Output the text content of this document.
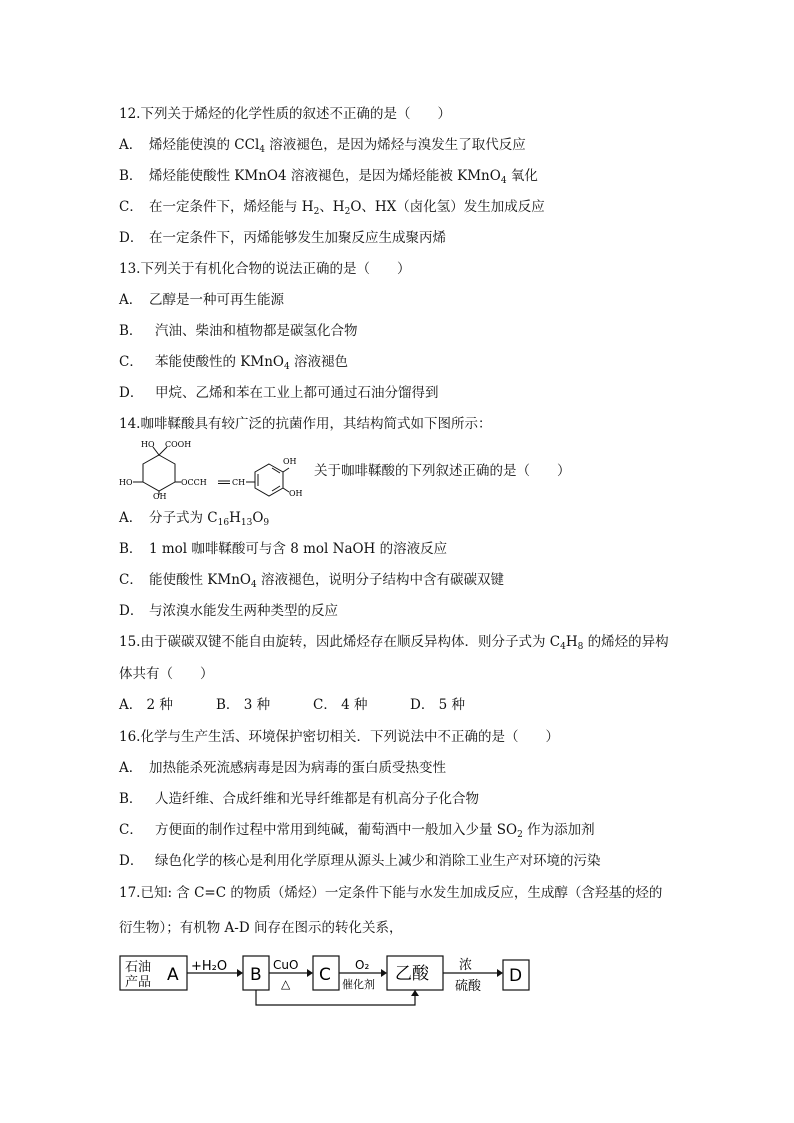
12.下列关于烯烃的化学性质的叙述不正确的是（　　）
A． 烯烃能使溴的 CCl$_4$ 溶液褪色，是因为烯烃与溴发生了取代反应
B． 烯烃能使酸性 KMnO4 溶液褪色，是因为烯烃能被 KMnO$_4$ 氧化
C． 在一定条件下，烯烃能与 $H_2$、$H_2O$、HX（卤化氢）发生加成反应
D． 在一定条件下，丙烯能够发生加聚反应生成聚丙烯
13.下列关于有机化合物的说法正确的是（　　）
A． 乙醇是一种可再生能源
B． 汽油、柴油和植物都是碳氢化合物
C． 苯能使酸性的 KMnO$_4$ 溶液褪色
D． 甲烷、乙烯和苯在工业上都可通过石油分馏得到
14.咖啡鞣酸具有较广泛的抗菌作用，其结构简式如下图所示：
HO COOH
HO
OH
OCCH	CH
OH
OH
关于咖啡鞣酸的下列叙述正确的是（　　）
A． 分子式为 $C_{16}H_{13}O_9$
B． 1 mol 咖啡鞣酸可与含 8 mol NaOH 的溶液反应
C． 能使酸性 KMnO$_4$ 溶液褪色，说明分子结构中含有碳碳双键
D． 与浓溴水能发生两种类型的反应
15.由于碳碳双键不能自由旋转，因此烯烃存在顺反异构体．则分子式为 $C_4H_8$ 的烯烃的异构
体共有（　　）
A． 2 种	B． 3 种	C． 4 种	D． 5 种
16.化学与生产生活、环境保护密切相关．下列说法中不正确的是（　　）
A． 加热能杀死流感病毒是因为病毒的蛋白质受热变性
B． 人造纤维、合成纤维和光导纤维都是有机高分子化合物
C． 方便面的制作过程中常用到纯碱，葡萄酒中一般加入少量 $SO_2$ 作为添加剂
D． 绿色化学的核心是利用化学原理从源头上减少和消除工业生产对环境的污染
17.已知: 含 C=C 的物质（烯烃）一定条件下能与水发生加成反应，生成醇（含羟基的烃的
衍生物）；有机物 A-D 间存在图示的转化关系，
石油
产品 A +H₂O B CuO
△ C O₂
催化剂
乙酸 浓
硫酸
D
